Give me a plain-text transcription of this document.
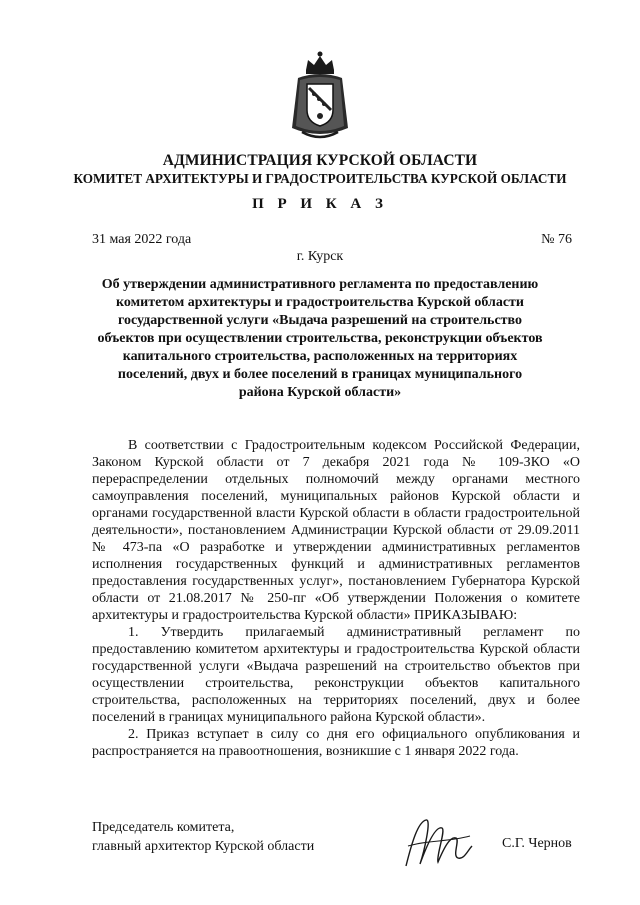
АДМИНИСТРАЦИЯ КУРСКОЙ ОБЛАСТИ
КОМИТЕТ АРХИТЕКТУРЫ И ГРАДОСТРОИТЕЛЬСТВА КУРСКОЙ ОБЛАСТИ
П Р И К А З
31 мая 2022 года	№ 76
г. Курск
Об утверждении административного регламента по предоставлению комитетом архитектуры и градостроительства Курской области государственной услуги «Выдача разрешений на строительство объектов при осуществлении строительства, реконструкции объектов капитального строительства, расположенных на территориях поселений, двух и более поселений в границах муниципального района Курской области»

В соответствии с Градостроительным кодексом Российской Федерации, Законом Курской области от 7 декабря 2021 года № 109-ЗКО «О перераспределении отдельных полномочий между органами местного самоуправления поселений, муниципальных районов Курской области и органами государственной власти Курской области в области градостроительной деятельности», постановлением Администрации Курской области от 29.09.2011 № 473-па «О разработке и утверждении административных регламентов исполнения государственных функций и административных регламентов предоставления государственных услуг», постановлением Губернатора Курской области от 21.08.2017 № 250-пг «Об утверждении Положения о комитете архитектуры и градостроительства Курской области» ПРИКАЗЫВАЮ:

1. Утвердить прилагаемый административный регламент по предоставлению комитетом архитектуры и градостроительства Курской области государственной услуги «Выдача разрешений на строительство объектов при осуществлении строительства, реконструкции объектов капитального строительства, расположенных на территориях поселений, двух и более поселений в границах муниципального района Курской области».

2. Приказ вступает в силу со дня его официального опубликования и распространяется на правоотношения, возникшие с 1 января 2022 года.

Председатель комитета,
главный архитектор Курской области	С.Г. Чернов
